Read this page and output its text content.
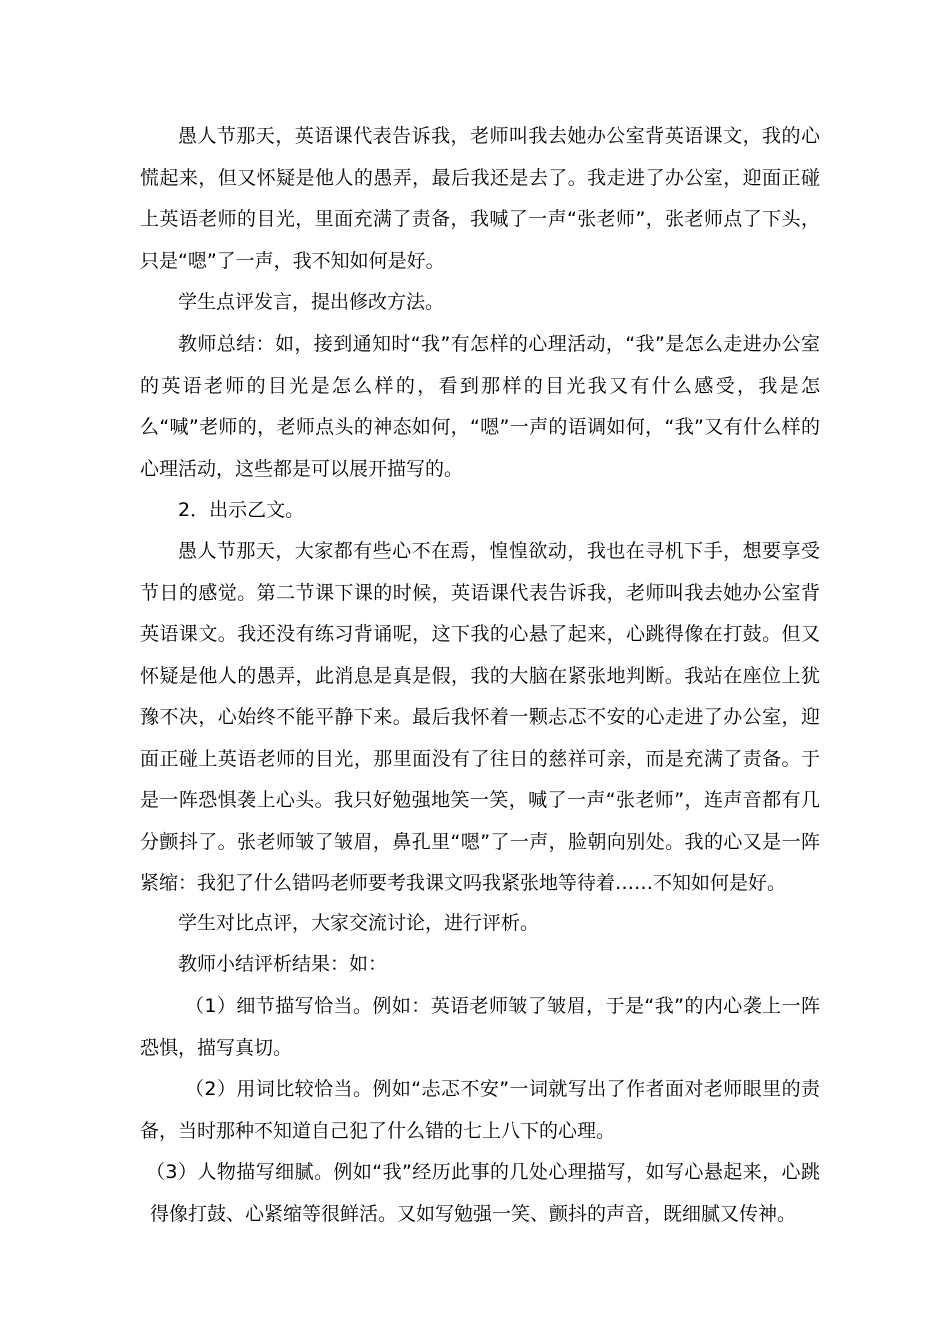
愚人节那天，英语课代表告诉我，老师叫我去她办公室背英语课文，我的心慌起来，但又怀疑是他人的愚弄，最后我还是去了。我走进了办公室，迎面正碰上英语老师的目光，里面充满了责备，我喊了一声“张老师”，张老师点了下头，只是“嗯”了一声，我不知如何是好。

学生点评发言，提出修改方法。

教师总结：如，接到通知时“我”有怎样的心理活动，“我”是怎么走进办公室的英语老师的目光是怎么样的，看到那样的目光我又有什么感受，我是怎么“喊”老师的，老师点头的神态如何，“嗯”一声的语调如何，“我”又有什么样的心理活动，这些都是可以展开描写的。

2．出示乙文。

愚人节那天，大家都有些心不在焉，惶惶欲动，我也在寻机下手，想要享受节日的感觉。第二节课下课的时候，英语课代表告诉我，老师叫我去她办公室背英语课文。我还没有练习背诵呢，这下我的心悬了起来，心跳得像在打鼓。但又怀疑是他人的愚弄，此消息是真是假，我的大脑在紧张地判断。我站在座位上犹豫不决，心始终不能平静下来。最后我怀着一颗忐忑不安的心走进了办公室，迎面正碰上英语老师的目光，那里面没有了往日的慈祥可亲，而是充满了责备。于是一阵恐惧袭上心头。我只好勉强地笑一笑，喊了一声“张老师”，连声音都有几分颤抖了。张老师皱了皱眉，鼻孔里“嗯”了一声，脸朝向别处。我的心又是一阵紧缩：我犯了什么错吗老师要考我课文吗我紧张地等待着……不知如何是好。

学生对比点评，大家交流讨论，进行评析。

教师小结评析结果：如：

（1）细节描写恰当。例如：英语老师皱了皱眉，于是“我”的内心袭上一阵恐惧，描写真切。

（2）用词比较恰当。例如“忐忑不安”一词就写出了作者面对老师眼里的责备，当时那种不知道自己犯了什么错的七上八下的心理。

（3）人物描写细腻。例如“我”经历此事的几处心理描写，如写心悬起来，心跳得像打鼓、心紧缩等很鲜活。又如写勉强一笑、颤抖的声音，既细腻又传神。
